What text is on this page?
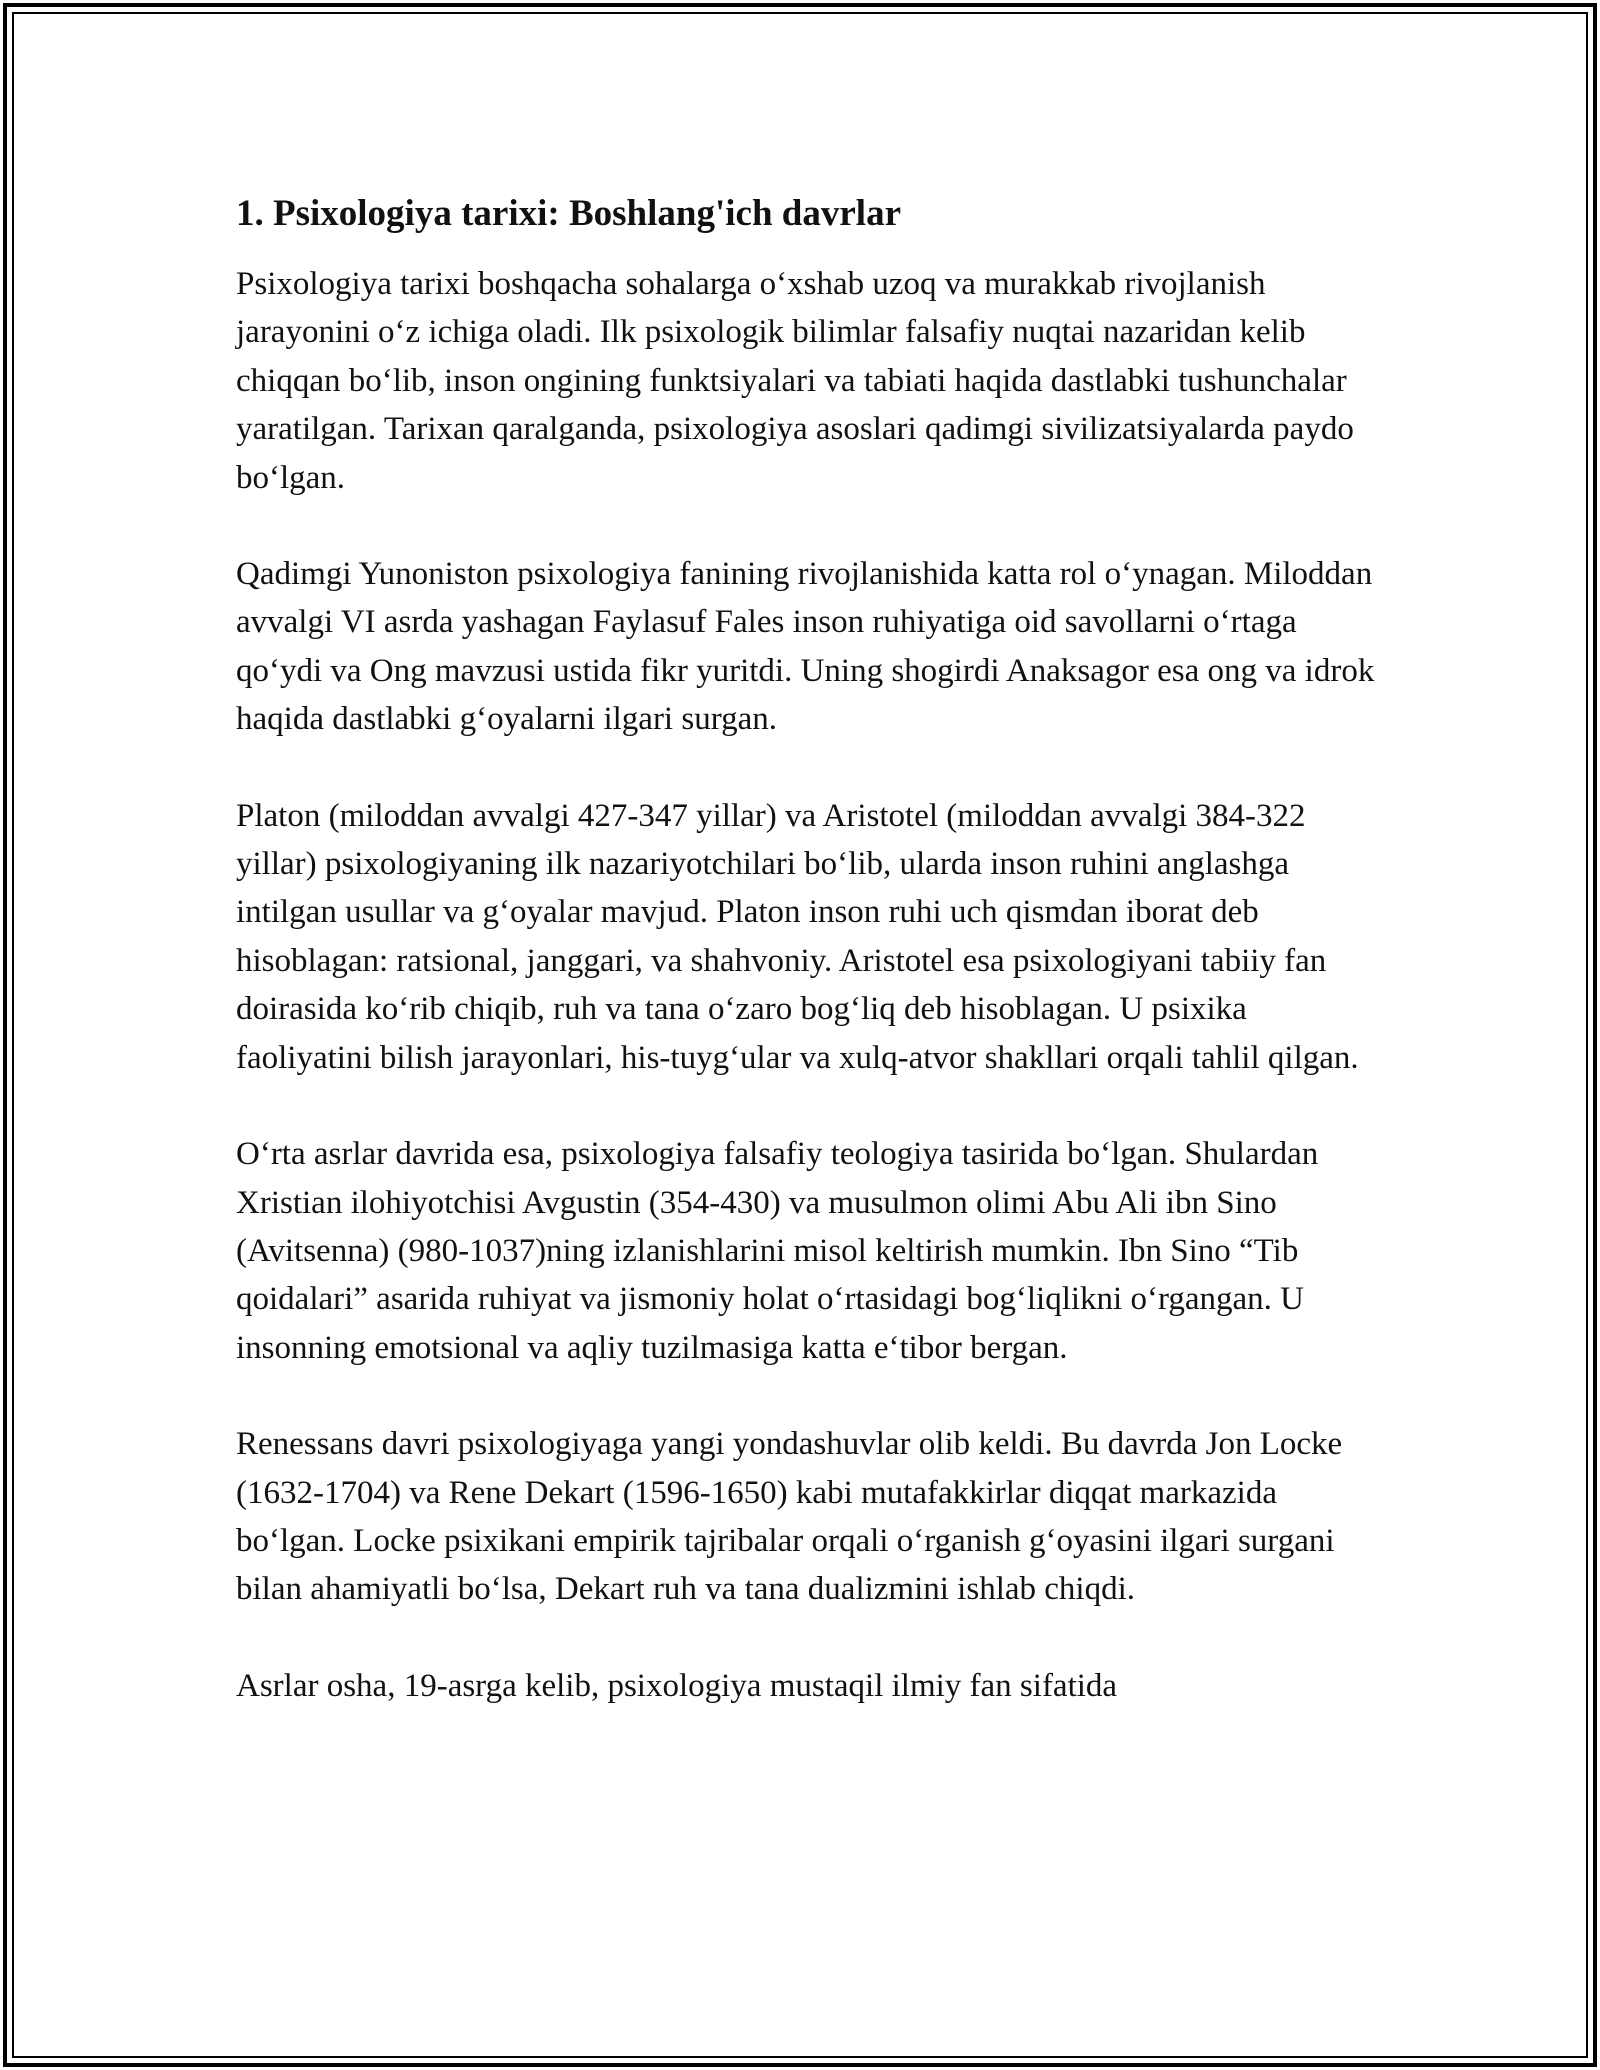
1. Psixologiya tarixi: Boshlang'ich davrlar

Psixologiya tarixi boshqacha sohalarga oʻxshab uzoq va murakkab rivojlanish jarayonini oʻz ichiga oladi. Ilk psixologik bilimlar falsafiy nuqtai nazaridan kelib chiqqan boʻlib, inson ongining funktsiyalari va tabiati haqida dastlabki tushunchalar yaratilgan. Tarixan qaralganda, psixologiya asoslari qadimgi sivilizatsiyalarda paydo boʻlgan.

Qadimgi Yunoniston psixologiya fanining rivojlanishida katta rol oʻynagan. Miloddan avvalgi VI asrda yashagan Faylasuf Fales inson ruhiyatiga oid savollarni oʻrtaga qoʻydi va Ong mavzusi ustida fikr yuritdi. Uning shogirdi Anaksagor esa ong va idrok haqida dastlabki gʻoyalarni ilgari surgan.

Platon (miloddan avvalgi 427-347 yillar) va Aristotel (miloddan avvalgi 384-322 yillar) psixologiyaning ilk nazariyotchilari boʻlib, ularda inson ruhini anglashga intilgan usullar va gʻoyalar mavjud. Platon inson ruhi uch qismdan iborat deb hisoblagan: ratsional, janggari, va shahvoniy. Aristotel esa psixologiyani tabiiy fan doirasida koʻrib chiqib, ruh va tana oʻzaro bogʻliq deb hisoblagan. U psixika faoliyatini bilish jarayonlari, his-tuygʻular va xulq-atvor shakllari orqali tahlil qilgan.

Oʻrta asrlar davrida esa, psixologiya falsafiy teologiya tasirida boʻlgan. Shulardan Xristian ilohiyotchisi Avgustin (354-430) va musulmon olimi Abu Ali ibn Sino (Avitsenna) (980-1037)ning izlanishlarini misol keltirish mumkin. Ibn Sino “Tib qoidalari” asarida ruhiyat va jismoniy holat oʻrtasidagi bogʻliqlikni oʻrgangan. U insonning emotsional va aqliy tuzilmasiga katta eʻtibor bergan.

Renessans davri psixologiyaga yangi yondashuvlar olib keldi. Bu davrda Jon Locke (1632-1704) va Rene Dekart (1596-1650) kabi mutafakkirlar diqqat markazida boʻlgan. Locke psixikani empirik tajribalar orqali oʻrganish gʻoyasini ilgari surgani bilan ahamiyatli boʻlsa, Dekart ruh va tana dualizmini ishlab chiqdi.

Asrlar osha, 19-asrga kelib, psixologiya mustaqil ilmiy fan sifatida
